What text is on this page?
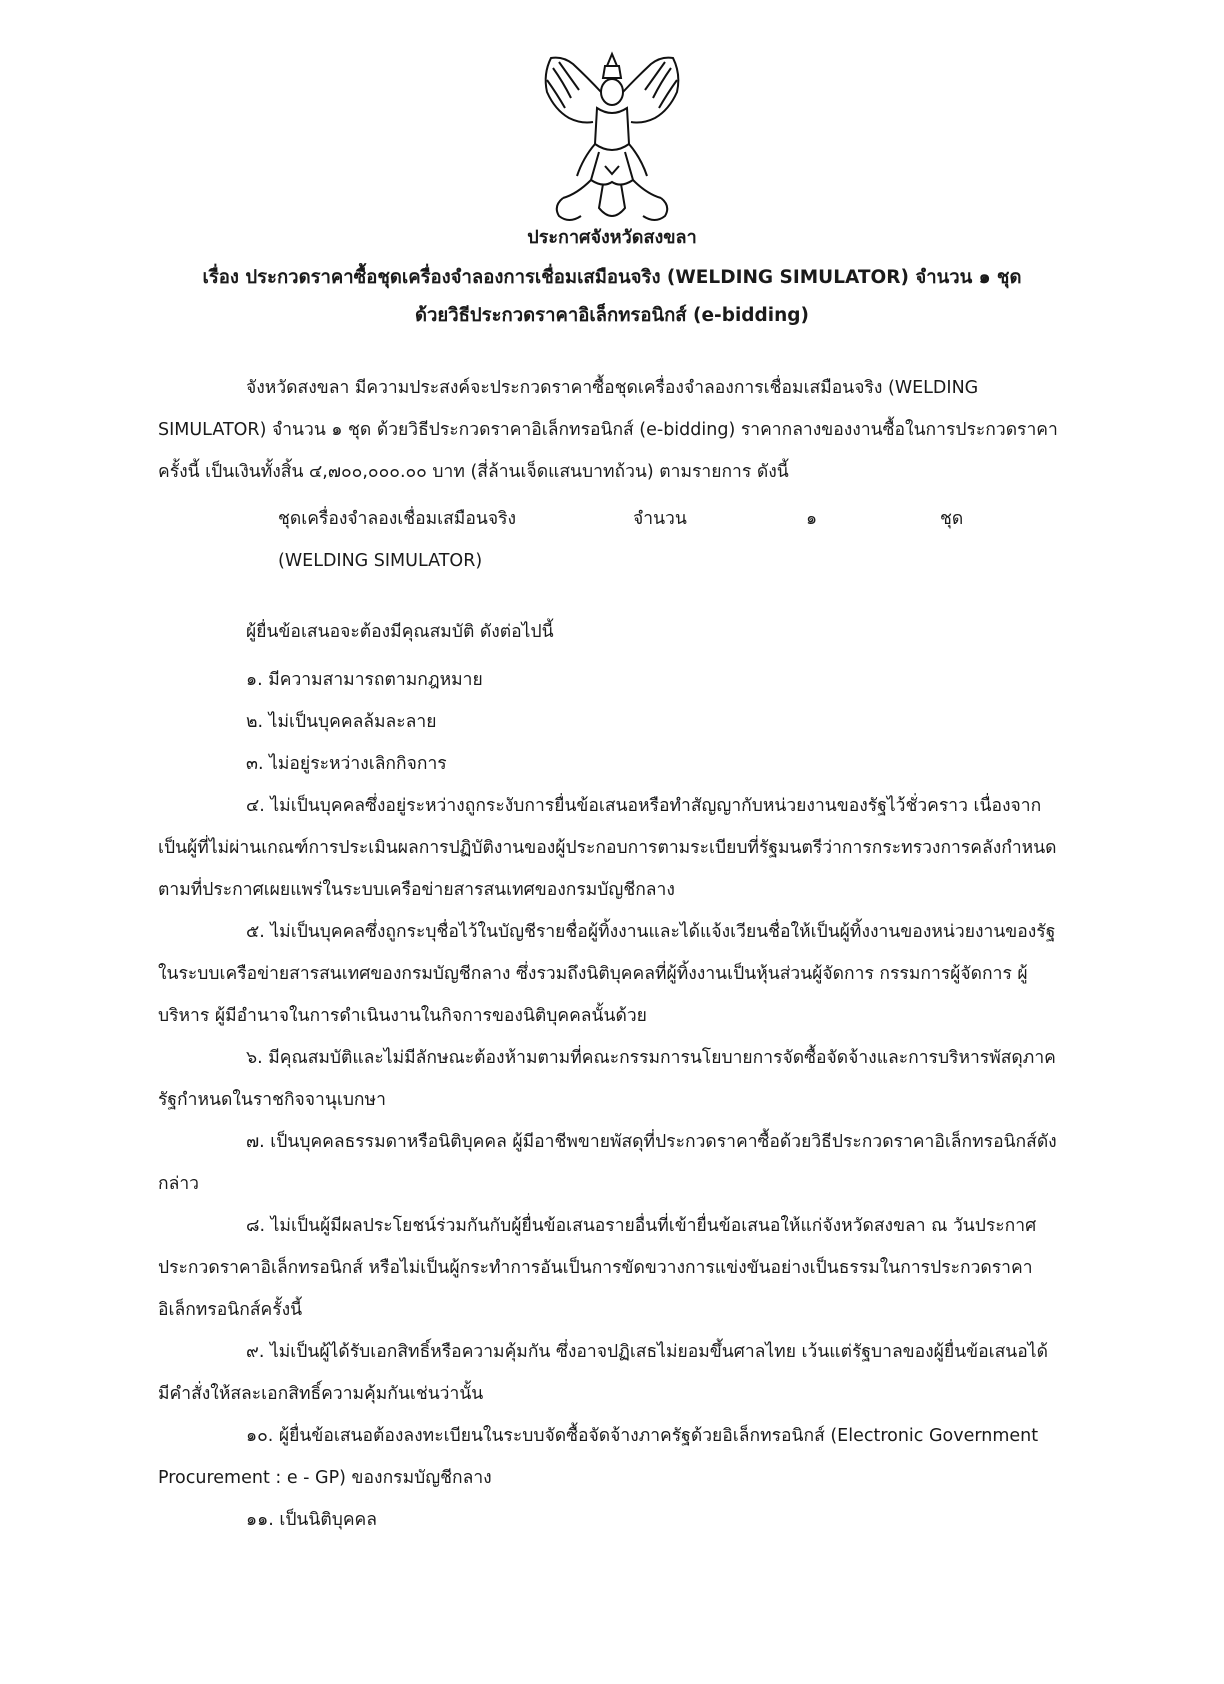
ประกาศจังหวัดสงขลา
เรื่อง ประกวดราคาซื้อชุดเครื่องจำลองการเชื่อมเสมือนจริง (WELDING SIMULATOR) จำนวน ๑ ชุด
ด้วยวิธีประกวดราคาอิเล็กทรอนิกส์ (e-bidding)
จังหวัดสงขลา มีความประสงค์จะประกวดราคาซื้อชุดเครื่องจำลองการเชื่อมเสมือนจริง (WELDING SIMULATOR) จำนวน ๑ ชุด ด้วยวิธีประกวดราคาอิเล็กทรอนิกส์ (e-bidding) ราคากลางของงานซื้อในการประกวดราคาครั้งนี้ เป็นเงินทั้งสิ้น ๔,๗๐๐,๐๐๐.๐๐ บาท (สี่ล้านเจ็ดแสนบาทถ้วน) ตามรายการ ดังนี้
ชุดเครื่องจำลองเชื่อมเสมือนจริง
(WELDING SIMULATOR)
จำนวน	๑	ชุด
ผู้ยื่นข้อเสนอจะต้องมีคุณสมบัติ ดังต่อไปนี้
๑. มีความสามารถตามกฎหมาย
๒. ไม่เป็นบุคคลล้มละลาย
๓. ไม่อยู่ระหว่างเลิกกิจการ
๔. ไม่เป็นบุคคลซึ่งอยู่ระหว่างถูกระงับการยื่นข้อเสนอหรือทำสัญญากับหน่วยงานของรัฐไว้ชั่วคราว เนื่องจากเป็นผู้ที่ไม่ผ่านเกณฑ์การประเมินผลการปฏิบัติงานของผู้ประกอบการตามระเบียบที่รัฐมนตรีว่าการกระทรวงการคลังกำหนดตามที่ประกาศเผยแพร่ในระบบเครือข่ายสารสนเทศของกรมบัญชีกลาง
๕. ไม่เป็นบุคคลซึ่งถูกระบุชื่อไว้ในบัญชีรายชื่อผู้ทิ้งงานและได้แจ้งเวียนชื่อให้เป็นผู้ทิ้งงานของหน่วยงานของรัฐในระบบเครือข่ายสารสนเทศของกรมบัญชีกลาง ซึ่งรวมถึงนิติบุคคลที่ผู้ทิ้งงานเป็นหุ้นส่วนผู้จัดการ กรรมการผู้จัดการ ผู้บริหาร ผู้มีอำนาจในการดำเนินงานในกิจการของนิติบุคคลนั้นด้วย
๖. มีคุณสมบัติและไม่มีลักษณะต้องห้ามตามที่คณะกรรมการนโยบายการจัดซื้อจัดจ้างและการบริหารพัสดุภาครัฐกำหนดในราชกิจจานุเบกษา
๗. เป็นบุคคลธรรมดาหรือนิติบุคคล ผู้มีอาชีพขายพัสดุที่ประกวดราคาซื้อด้วยวิธีประกวดราคาอิเล็กทรอนิกส์ดังกล่าว
๘. ไม่เป็นผู้มีผลประโยชน์ร่วมกันกับผู้ยื่นข้อเสนอรายอื่นที่เข้ายื่นข้อเสนอให้แก่จังหวัดสงขลา ณ วันประกาศประกวดราคาอิเล็กทรอนิกส์ หรือไม่เป็นผู้กระทำการอันเป็นการขัดขวางการแข่งขันอย่างเป็นธรรมในการประกวดราคาอิเล็กทรอนิกส์ครั้งนี้
๙. ไม่เป็นผู้ได้รับเอกสิทธิ์หรือความคุ้มกัน ซึ่งอาจปฏิเสธไม่ยอมขึ้นศาลไทย เว้นแต่รัฐบาลของผู้ยื่นข้อเสนอได้มีคำสั่งให้สละเอกสิทธิ์ความคุ้มกันเช่นว่านั้น
๑๐. ผู้ยื่นข้อเสนอต้องลงทะเบียนในระบบจัดซื้อจัดจ้างภาครัฐด้วยอิเล็กทรอนิกส์ (Electronic Government Procurement : e - GP) ของกรมบัญชีกลาง
๑๑. เป็นนิติบุคคล
